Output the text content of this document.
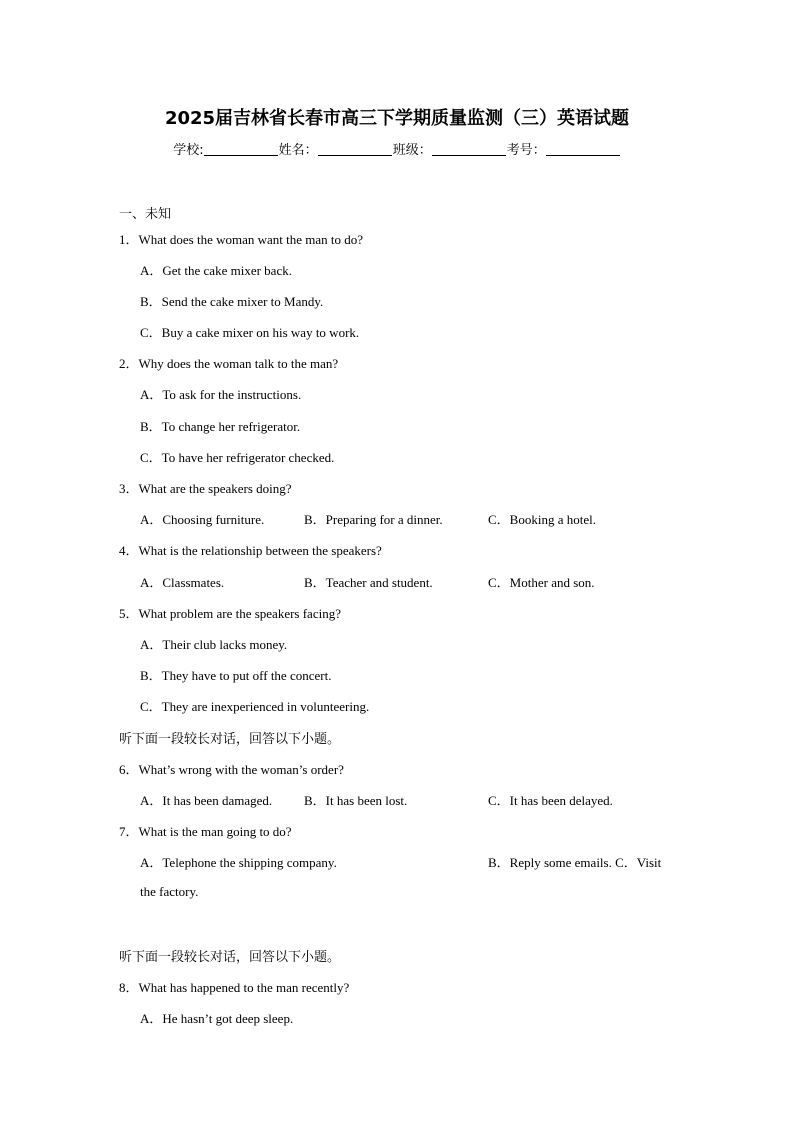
2025届吉林省长春市高三下学期质量监测（三）英语试题
学校:	姓名：	班级：	考号：
一、未知
1．What does the woman want the man to do?
A．Get the cake mixer back.
B．Send the cake mixer to Mandy.
C．Buy a cake mixer on his way to work.
2．Why does the woman talk to the man?
A．To ask for the instructions.
B．To change her refrigerator.
C．To have her refrigerator checked.
3．What are the speakers doing?
A．Choosing furniture.	B．Preparing for a dinner.	C．Booking a hotel.
4．What is the relationship between the speakers?
A．Classmates.	B．Teacher and student.	C．Mother and son.
5．What problem are the speakers facing?
A．Their club lacks money.
B．They have to put off the concert.
C．They are inexperienced in volunteering.
听下面一段较长对话，回答以下小题。
6．What’s wrong with the woman’s order?
A．It has been damaged. B．It has been lost.	C．It has been delayed.
7．What is the man going to do?
A．Telephone the shipping company.	B．Reply some emails. C．Visit
the factory.
听下面一段较长对话，回答以下小题。
8．What has happened to the man recently?
A．He hasn’t got deep sleep.
